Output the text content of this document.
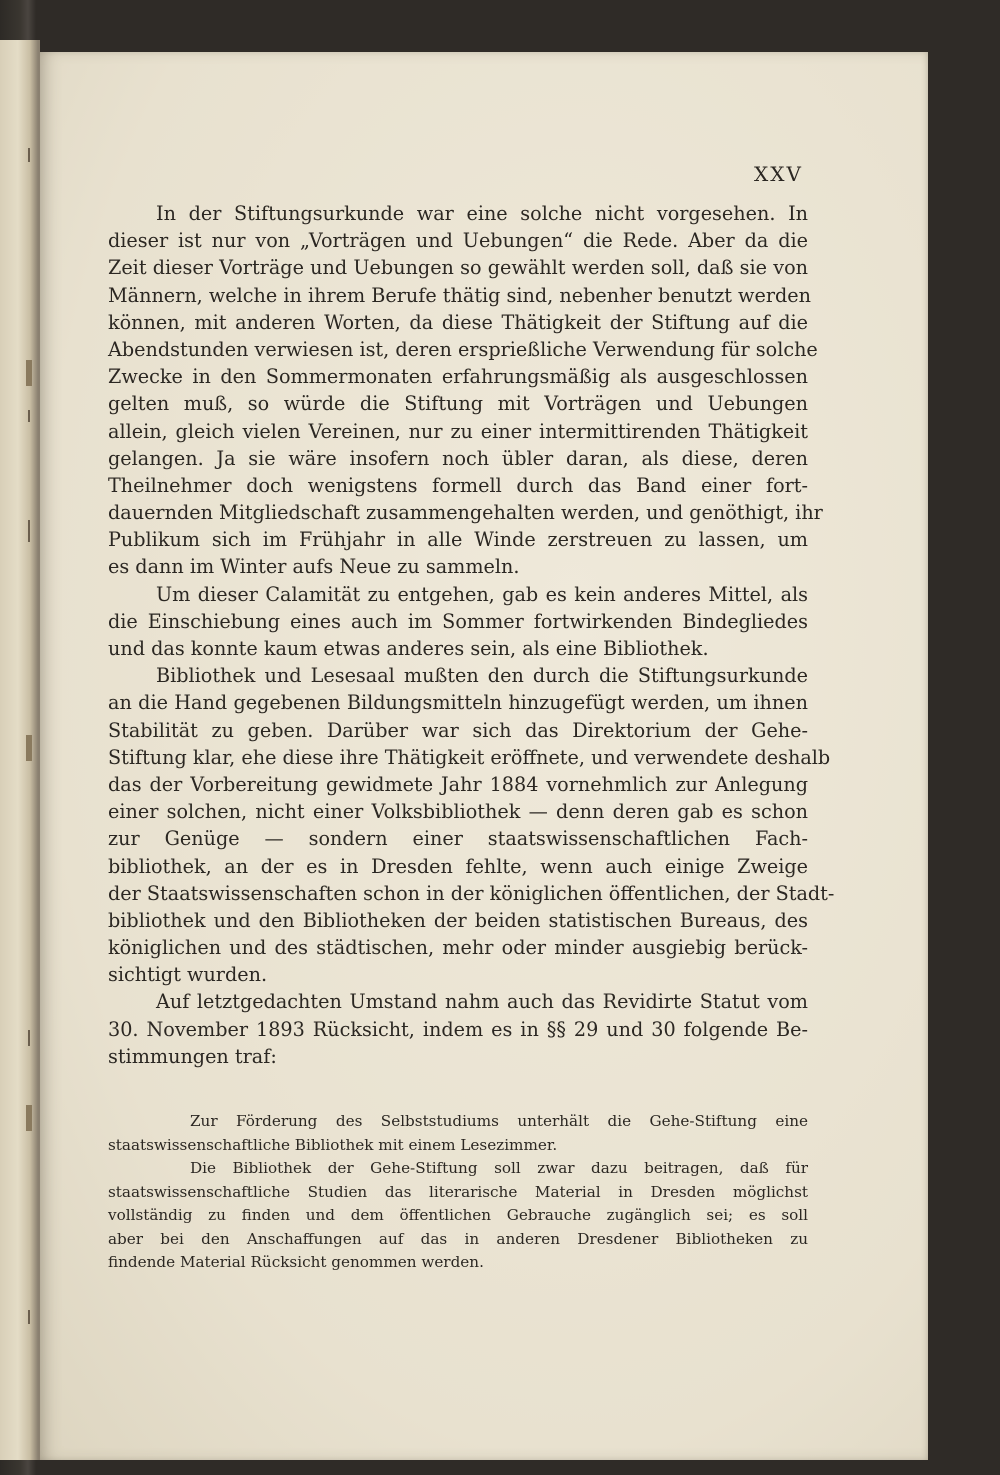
XXV
In der Stiftungsurkunde war eine solche nicht vorgesehen. In
dieser ist nur von „Vorträgen und Uebungen“ die Rede. Aber da die
Zeit dieser Vorträge und Uebungen so gewählt werden soll, daß sie von
Männern, welche in ihrem Berufe thätig sind, nebenher benutzt werden
können, mit anderen Worten, da diese Thätigkeit der Stiftung auf die
Abendstunden verwiesen ist, deren ersprießliche Verwendung für solche
Zwecke in den Sommermonaten erfahrungsmäßig als ausgeschlossen
gelten muß, so würde die Stiftung mit Vorträgen und Uebungen
allein, gleich vielen Vereinen, nur zu einer intermittirenden Thätigkeit
gelangen. Ja sie wäre insofern noch übler daran, als diese, deren
Theilnehmer doch wenigstens formell durch das Band einer fort-
dauernden Mitgliedschaft zusammengehalten werden, und genöthigt, ihr
Publikum sich im Frühjahr in alle Winde zerstreuen zu lassen, um
es dann im Winter aufs Neue zu sammeln.
Um dieser Calamität zu entgehen, gab es kein anderes Mittel, als
die Einschiebung eines auch im Sommer fortwirkenden Bindegliedes
und das konnte kaum etwas anderes sein, als eine Bibliothek.
Bibliothek und Lesesaal mußten den durch die Stiftungsurkunde
an die Hand gegebenen Bildungsmitteln hinzugefügt werden, um ihnen
Stabilität zu geben. Darüber war sich das Direktorium der Gehe-
Stiftung klar, ehe diese ihre Thätigkeit eröffnete, und verwendete deshalb
das der Vorbereitung gewidmete Jahr 1884 vornehmlich zur Anlegung
einer solchen, nicht einer Volksbibliothek — denn deren gab es schon
zur Genüge — sondern einer staatswissenschaftlichen Fach-
bibliothek, an der es in Dresden fehlte, wenn auch einige Zweige
der Staatswissenschaften schon in der königlichen öffentlichen, der Stadt-
bibliothek und den Bibliotheken der beiden statistischen Bureaus, des
königlichen und des städtischen, mehr oder minder ausgiebig berück-
sichtigt wurden.
Auf letztgedachten Umstand nahm auch das Revidirte Statut vom
30. November 1893 Rücksicht, indem es in §§ 29 und 30 folgende Be-
stimmungen traf:
Zur Förderung des Selbststudiums unterhält die Gehe-Stiftung eine
staatswissenschaftliche Bibliothek mit einem Lesezimmer.
Die Bibliothek der Gehe-Stiftung soll zwar dazu beitragen, daß für
staatswissenschaftliche Studien das literarische Material in Dresden möglichst
vollständig zu finden und dem öffentlichen Gebrauche zugänglich sei; es soll
aber bei den Anschaffungen auf das in anderen Dresdener Bibliotheken zu
findende Material Rücksicht genommen werden.
